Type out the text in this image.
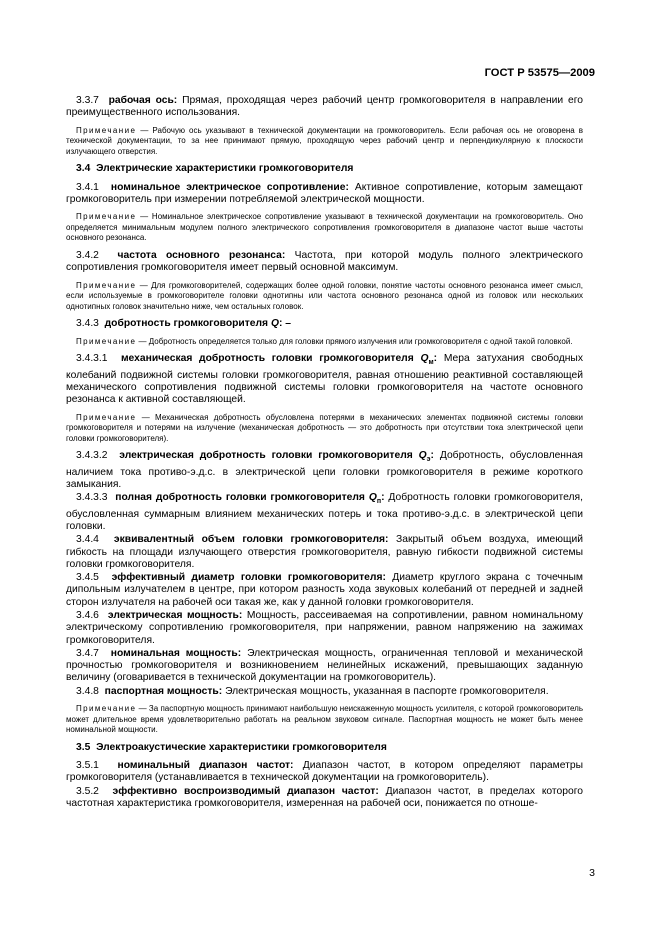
ГОСТ Р 53575—2009

3.3.7 рабочая ось: Прямая, проходящая через рабочий центр громкоговорителя в направлении его преимущественного использования.

Примечание — Рабочую ось указывают в технической документации на громкоговоритель. Если рабочая ось не оговорена в технической документации, то за нее принимают прямую, проходящую через рабочий центр и перпендикулярную к плоскости излучающего отверстия.

3.4 Электрические характеристики громкоговорителя

3.4.1 номинальное электрическое сопротивление: Активное сопротивление, которым замещают громкоговоритель при измерении потребляемой электрической мощности.

Примечание — Номинальное электрическое сопротивление указывают в технической документации на громкоговоритель. Оно определяется минимальным модулем полного электрического сопротивления громкоговорителя в диапазоне частот выше частоты основного резонанса.

3.4.2 частота основного резонанса: Частота, при которой модуль полного электрического сопротивления громкоговорителя имеет первый основной максимум.

Примечание — Для громкоговорителей, содержащих более одной головки, понятие частоты основного резонанса имеет смысл, если используемые в громкоговорителе головки однотипны или частота основного резонанса одной из головок или нескольких однотипных головок значительно ниже, чем остальных головок.

3.4.3 добротность громкоговорителя Q: –

Примечание — Добротность определяется только для головки прямого излучения или громкоговорителя с одной такой головкой.

3.4.3.1 механическая добротность головки громкоговорителя $Q_м$: Мера затухания свободных колебаний подвижной системы головки громкоговорителя, равная отношению реактивной составляющей механического сопротивления подвижной системы головки громкоговорителя на частоте основного резонанса к активной составляющей.

Примечание — Механическая добротность обусловлена потерями в механических элементах подвижной системы головки громкоговорителя и потерями на излучение (механическая добротность — это добротность при отсутствии тока электрической цепи головки громкоговорителя).

3.4.3.2 электрическая добротность головки громкоговорителя $Q_э$: Добротность, обусловленная наличием тока противо-э.д.с. в электрической цепи головки громкоговорителя в режиме короткого замыкания.

3.4.3.3 полная добротность головки громкоговорителя $Q_п$: Добротность головки громкоговорителя, обусловленная суммарным влиянием механических потерь и тока противо-э.д.с. в электрической цепи головки.

3.4.4 эквивалентный объем головки громкоговорителя: Закрытый объем воздуха, имеющий гибкость на площади излучающего отверстия громкоговорителя, равную гибкости подвижной системы головки громкоговорителя.

3.4.5 эффективный диаметр головки громкоговорителя: Диаметр круглого экрана с точечным дипольным излучателем в центре, при котором разность хода звуковых колебаний от передней и задней сторон излучателя на рабочей оси такая же, как у данной головки громкоговорителя.

3.4.6 электрическая мощность: Мощность, рассеиваемая на сопротивлении, равном номинальному электрическому сопротивлению громкоговорителя, при напряжении, равном напряжению на зажимах громкоговорителя.

3.4.7 номинальная мощность: Электрическая мощность, ограниченная тепловой и механической прочностью громкоговорителя и возникновением нелинейных искажений, превышающих заданную величину (оговаривается в технической документации на громкоговоритель).

3.4.8 паспортная мощность: Электрическая мощность, указанная в паспорте громкоговорителя.

Примечание — За паспортную мощность принимают наибольшую неискаженную мощность усилителя, с которой громкоговоритель может длительное время удовлетворительно работать на реальном звуковом сигнале. Паспортная мощность не может быть менее номинальной мощности.

3.5 Электроакустические характеристики громкоговорителя

3.5.1 номинальный диапазон частот: Диапазон частот, в котором определяют параметры громкоговорителя (устанавливается в технической документации на громкоговоритель).

3.5.2 эффективно воспроизводимый диапазон частот: Диапазон частот, в пределах которого частотная характеристика громкоговорителя, измеренная на рабочей оси, понижается по отноше-

3
